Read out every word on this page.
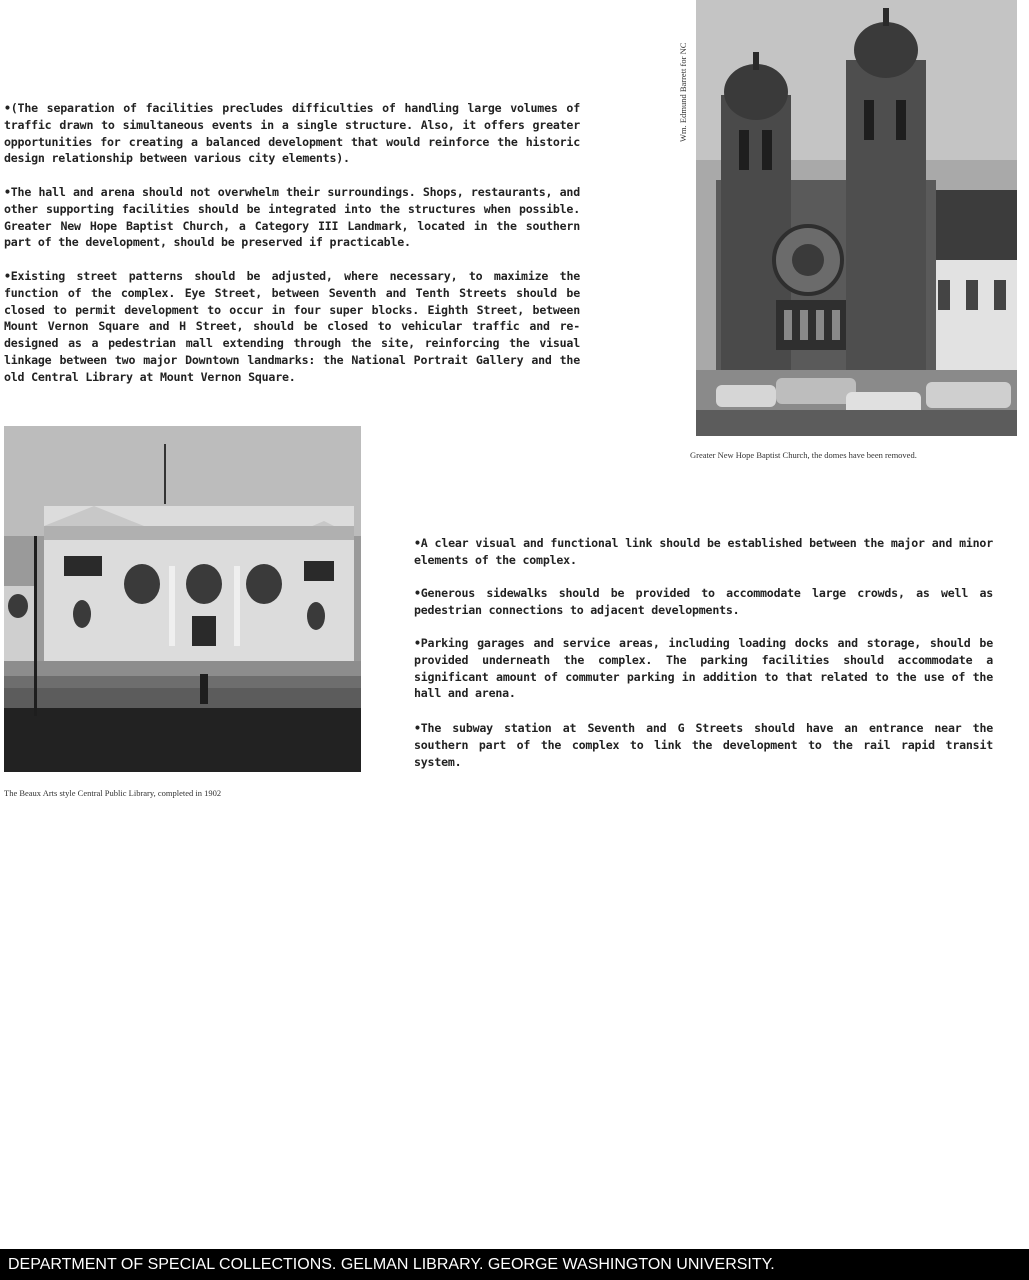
•(The separation of facilities precludes difficulties of handling large volumes of traffic drawn to simultaneous events in a single structure. Also, it offers greater opportunities for creating a balanced development that would reinforce the historic design relationship between various city elements).
•The hall and arena should not overwhelm their surroundings. Shops, restaurants, and other supporting facilities should be integrated into the structures when possible. Greater New Hope Baptist Church, a Category III Landmark, located in the southern part of the development, should be preserved if practicable.
•Existing street patterns should be adjusted, where necessary, to maximize the function of the complex. Eye Street, between Seventh and Tenth Streets should be closed to permit development to occur in four super blocks. Eighth Street, between Mount Vernon Square and H Street, should be closed to vehicular traffic and re-designed as a pedestrian mall extending through the site, reinforcing the visual linkage between two major Downtown landmarks: the National Portrait Gallery and the old Central Library at Mount Vernon Square.
Wm. Edmund Barrett for NC
Greater New Hope Baptist Church, the domes have been removed.
The Beaux Arts style Central Public Library, completed in 1902
•A clear visual and functional link should be established between the major and minor elements of the complex.
•Generous sidewalks should be provided to accommodate large crowds, as well as pedestrian connections to adjacent developments.
•Parking garages and service areas, including loading docks and storage, should be provided underneath the complex. The parking facilities should accommodate a significant amount of commuter parking in addition to that related to the use of the hall and arena.
•The subway station at Seventh and G Streets should have an entrance near the southern part of the complex to link the development to the rail rapid transit system.
DEPARTMENT OF SPECIAL COLLECTIONS. GELMAN LIBRARY. GEORGE WASHINGTON UNIVERSITY.
